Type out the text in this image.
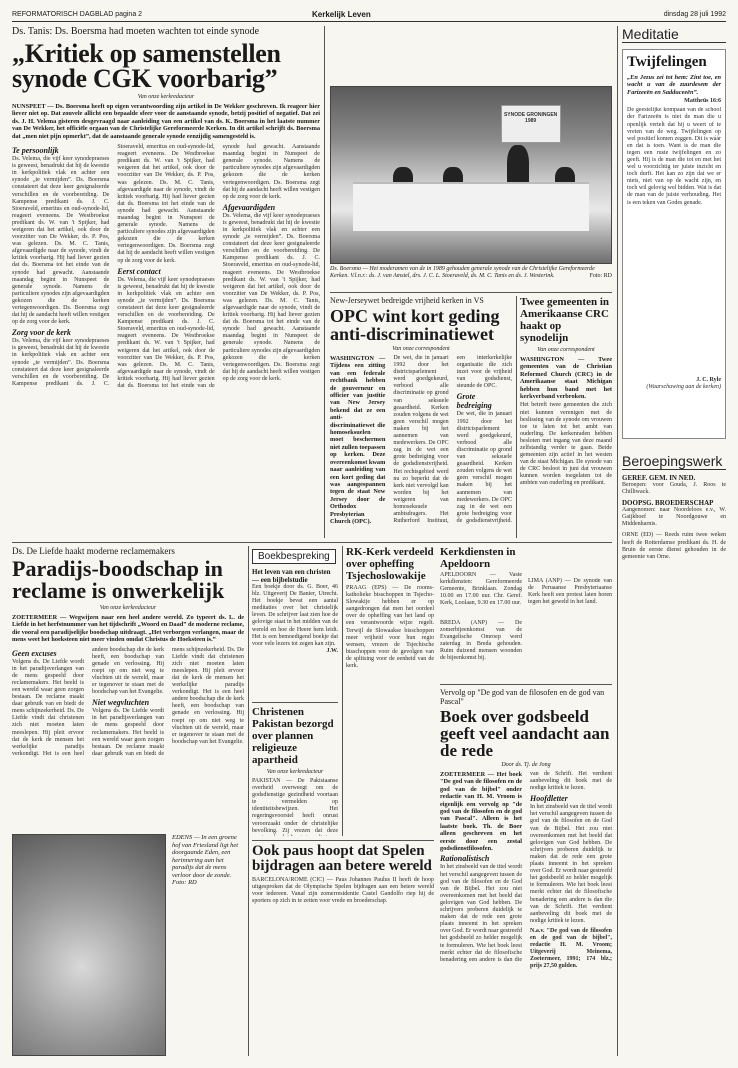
REFORMATORISCH DAGBLAD pagina 2	Kerkelijk Leven	dinsdag 28 juli 1992
Ds. Tanis: Ds. Boersma had moeten wachten tot einde synode
„Kritiek op samenstellen synode CGK voorbarig”
Van onze kerkredacteur
NUNSPEET — Ds. Boersma heeft op eigen verantwoording zijn artikel in De Wekker geschreven. Ik reageer hier liever niet op. Dat zouvele allicht een bepaalde sfeer voor de aanstaande synode, betzij positief of negatief. Dat zei ds. J. H. Velema gisteren desgevraagd naar aanleiding van een artikel van ds. K. Boersma in het laatste nummer van De Wekker, het officiële orgaan van de Christelijke Gereformeerde Kerken. In dit artikel schrijft ds. Boersma dat „men niet pijn opmerkt”, dat de aanstaande generale synode eenzijdig samengesteld is.
Te persoonlijk
Ds. Velema, die vijf keer synodepraeses is geweest, benadrukt dat hij de kwestie in kerkpolitiek vlak en achter een synode „te vermijden”. Ds. Boersma constateert dat deze keer gesignaleerde verschillen en de voorbereiding. De Kampense predikant ds. J. C. Stoeraveld, emeritus en oud-synode-lid, reageert eveneens. De Westbroekse predikant ds. W. van 't Spijker, had weigeren dat het artikel, ook door de voorzitter van De Wekker, ds. P. Pos, was gelezen. Ds. M. C. Tanis, afgevaardigde naar de synode, vindt de kritiek voorbarig. Hij had liever gezien dat ds. Boersma tot het einde van de synode had gewacht. Aanstaande maandag begint in Nunspeet de generale synode. Namens de particuliere synodes zijn afgevaardigden gekozen die de kerken vertegenwoordigen. Ds. Boersma zegt dat hij de aandacht heeft willen vestigen op de zorg voor de kerk.
Zorg voor de kerk
Ds. Velema, die vijf keer synodepraeses is geweest, benadrukt dat hij de kwestie in kerkpolitiek vlak en achter een synode „te vermijden”. Ds. Boersma constateert dat deze keer gesignaleerde verschillen en de voorbereiding. De Kampense predikant ds. J. C. Stoeraveld, emeritus en oud-synode-lid, reageert eveneens. De Westbroekse predikant ds. W. van 't Spijker, had weigeren dat het artikel, ook door de voorzitter van De Wekker, ds. P. Pos, was gelezen. Ds. M. C. Tanis, afgevaardigde naar de synode, vindt de kritiek voorbarig. Hij had liever gezien dat ds. Boersma tot het einde van de synode had gewacht. Aanstaande maandag begint in Nunspeet de generale synode. Namens de particuliere synodes zijn afgevaardigden gekozen die de kerken vertegenwoordigen. Ds. Boersma zegt dat hij de aandacht heeft willen vestigen op de zorg voor de kerk.
Eerst contact
Ds. Velema, die vijf keer synodepraeses is geweest, benadrukt dat hij de kwestie in kerkpolitiek vlak en achter een synode „te vermijden”. Ds. Boersma constateert dat deze keer gesignaleerde verschillen en de voorbereiding. De Kampense predikant ds. J. C. Stoeraveld, emeritus en oud-synode-lid, reageert eveneens. De Westbroekse predikant ds. W. van 't Spijker, had weigeren dat het artikel, ook door de voorzitter van De Wekker, ds. P. Pos, was gelezen. Ds. M. C. Tanis, afgevaardigde naar de synode, vindt de kritiek voorbarig. Hij had liever gezien dat ds. Boersma tot het einde van de synode had gewacht. Aanstaande maandag begint in Nunspeet de generale synode. Namens de particuliere synodes zijn afgevaardigden gekozen die de kerken vertegenwoordigen. Ds. Boersma zegt dat hij de aandacht heeft willen vestigen op de zorg voor de kerk.
Afgevaardigden
Ds. Velema, die vijf keer synodepraeses is geweest, benadrukt dat hij de kwestie in kerkpolitiek vlak en achter een synode „te vermijden”. Ds. Boersma constateert dat deze keer gesignaleerde verschillen en de voorbereiding. De Kampense predikant ds. J. C. Stoeraveld, emeritus en oud-synode-lid, reageert eveneens. De Westbroekse predikant ds. W. van 't Spijker, had weigeren dat het artikel, ook door de voorzitter van De Wekker, ds. P. Pos, was gelezen. Ds. M. C. Tanis, afgevaardigde naar de synode, vindt de kritiek voorbarig. Hij had liever gezien dat ds. Boersma tot het einde van de synode had gewacht. Aanstaande maandag begint in Nunspeet de generale synode. Namens de particuliere synodes zijn afgevaardigden gekozen die de kerken vertegenwoordigen. Ds. Boersma zegt dat hij de aandacht heeft willen vestigen op de zorg voor de kerk.
SYNODE GRONINGEN 1989
Ds. Boersma — Het moderamen van de in 1989 gehouden generale synode van de Christelijke Gereformeerde Kerken. V.l.n.r.: ds. J. van Amstel, drs. J. C. L. Stoeraveld, ds. M. C. Tanis en ds. J. Westerink.	Foto: RD
New-Jerseywet bedreigde vrijheid kerken in VS
OPC wint kort geding anti-discriminatiewet
Van onze correspondent
WASHINGTON — Tijdens een zitting van een federale rechtbank hebben de gouverneur en officier van justitie van New Jersey bekend dat ze een anti-discriminatiewet die homoseksuelen moet beschermen niet zullen toepassen op kerken. Deze overeenkomst kwam naar aanleiding van een kort geding dat was aangespannen tegen de staat New Jersey door de Orthodox Presbyterian Church (OPC).
De wet, die in januari 1992 door het districtsparlement werd goedgekeurd, verbood alle discriminatie op grond van seksuele geaardheid. Kerken zouden volgens de wet geen verschil mogen maken bij het aannemen van medewerkers. De OPC zag in de wet een grote bedreiging voor de godsdienstvrijheid. Het rechtsgebied werd nu zo beperkt dat de kerk niet vervolgd kan worden bij het weigeren van homoseksuele ambtsdragers. Het Rutherford Instituut, een interkerkelijke organisatie die zich inzet voor de vrijheid van godsdienst, steunde de OPC.
Grote bedreiging
De wet, die in januari 1992 door het districtsparlement werd goedgekeurd, verbood alle discriminatie op grond van seksuele geaardheid. Kerken zouden volgens de wet geen verschil mogen maken bij het aannemen van medewerkers. De OPC zag in de wet een grote bedreiging voor de godsdienstvrijheid.
Twee gemeenten in Amerikaanse CRC haakt op synodelijn
Van onze correspondent
WASHINGTON — Twee gemeenten van de Christian Reformed Church (CRC) in de Amerikaanse staat Michigan hebben hun band met het kerkverband verbroken.
Het betreft twee gemeenten die zich niet kunnen verenigen met de beslissing van de synode om vrouwen toe te laten tot het ambt van ouderling. De kerkenraden hebben besloten met ingang van deze maand zelfstandig verder te gaan. Beide gemeenten zijn actief in het westen van de staat Michigan. De synode van de CRC besloot in juni dat vrouwen kunnen worden toegelaten tot de ambten van ouderling en predikant.
Meditatie
Twijfelingen
„En Jezus zei tot hem: Zint toe, en wacht u van de zuurdesem der Farizeeën en Sadduceeën”.
Mattheüs 16:6
De geestelijke kompaan van de school der Farizeeën is niet de man die u openlijk vertelt dat hij u weert of te vreten van de weg. Twijfelingen op wel positief komen zeggen. Dit is wáár en dat is toen. Want is de man die tegen een ruste twijfelingen en zo geeft. Hij is de man die tot en met het wel u voorzichtig ter juiste inzicht en toch durft. Het kan zo zijn dat we er niets, niet van op de wacht zijn, en toch wil gelovig wel bidden. Wat is dat de man van de juiste verhouding. Het is een teken van Godes genade.
J. C. Ryle
(Waarschuwing aan de kerken)
Beroepingswerk
GEREF. GEM. IN NED.
Beroepen: voor Gouda, J. Roos te Chilliwack.
DOOPSG. BROEDERSCHAP
Aangenomen: naar Noordeloos e.v., W. Gaijkboef te Noordgouwe en Middenharnis.
ORNE (ED) — Reeds ruim twee weken heeft de Rotterdamse predikant ds. H. de Bruin de eerste dienst gehouden in de gemeente van Orne.
Ds. De Liefde haakt moderne reclamemakers
Paradijs-boodschap in reclame is onwerkelijk
Van onze kerkredacteur
ZOETERMEER — Wegwijzen naar een heel andere wereld. Zo typeert ds. L. de Liefde in het herfstnummer van het tijdschrift „Woord en Daad” de moderne reclame, die vooral een paradijselijke boodschap uitdraagt. „Het verborgen verlangen, maar de mens weet het hoeksteen niet meer vinden omdat Christus de Hoeksteen is.”
Geen excuses
Volgens ds. De Liefde wordt in het paradijsverlangen van de mens gespeeld door reclamemakers. Het beeld is een wereld waar geen zorgen bestaan. De reclame maakt daar gebruik van en biedt de mens schijnzekerheid. Ds. De Liefde vindt dat christenen zich niet moeten laten meeslepen. Hij pleit ervoor dat de kerk de mensen het werkelijke paradijs verkondigt. Het is een heel andere boodschap die de kerk heeft, een boodschap van genade en verlossing. Hij roept op om niet weg te vluchten uit de wereld, maar er tegenover te staan met de boodschap van het Evangelie.
Niet wegvluchten
Volgens ds. De Liefde wordt in het paradijsverlangen van de mens gespeeld door reclamemakers. Het beeld is een wereld waar geen zorgen bestaan. De reclame maakt daar gebruik van en biedt de mens schijnzekerheid. Ds. De Liefde vindt dat christenen zich niet moeten laten meeslepen. Hij pleit ervoor dat de kerk de mensen het werkelijke paradijs verkondigt. Het is een heel andere boodschap die de kerk heeft, een boodschap van genade en verlossing. Hij roept op om niet weg te vluchten uit de wereld, maar er tegenover te staan met de boodschap van het Evangelie.
EDENS — In een groene hof van Friesland ligt het doorgaande Eden, een herinnering aan het paradijs dat de mens verloor door de zonde. Foto: RD
Boekbespreking
Het leven van een christen — een bijbelstudie
Een boekje door ds. G. Boer, 46 blz. Uitgeverij De Banier, Utrecht. Het boekje bevat een aantal meditaties over het christelijk leven. De schrijver laat zien hoe de gelovige staat in het midden van de wereld en hoe de Heere hem leidt. Het is een bemoedigend boekje dat voor vele lezers tot zegen kan zijn.
J.W.
Christenen Pakistan bezorgd over plannen religieuze apartheid
Van onze kerkredacteur
PAKISTAN — De Pakistaanse overheid overweegt om de godsdienstige gezindheid voortaan te vermelden op identiteitsbewijzen. Het regeringsvoorstel heeft onrust veroorzaakt onder de christelijke bevolking. Zij vrezen dat deze
RK-Kerk verdeeld over opheffing Tsjechoslowakije
PRAAG (EPS) — De rooms-katholieke bisschoppen in Tsjecho-Slowakije hebben er op aangedrongen dat men het oordeel over de opheffing van het land op een verantwoorde wijze regelt. Terwijl de Slowaakse bisschoppen meer vrijheid voor hun regio wensen, vrezen de Tsjechische bisschoppen voor de gevolgen van de splitsing voor de eenheid van de kerk.
Kerkdiensten in Apeldoorn
APELDOORN — Vaste kerkdiensten: Gereformeerde Gemeente, Brinklaan. Zondag 10.00 en 17.00 uur. Chr. Geref. Kerk, Loolaan, 9.30 en 17.00 uur.
BREDA (ANP) — De zomerbijeenkomst van de Evangelische Omroep werd zaterdag in Breda gehouden. Ruim duizend mensen woonden de bijeenkomst bij.
LIMA (ANP) — De synode van de Peruaanse Presbyteriaanse Kerk heeft een protest laten horen tegen het geweld in het land.
Vervolg op "De god van de filosofen en de god van Pascal"
Boek over godsbeeld geeft veel aandacht aan de rede
Door ds. Tj. de Jong
ZOETERMEER — Het boek "De god van de filosofen en de god van de bijbel" onder redactie van H. M. Vroom is eigenlijk een vervolg op "de god van de filosofen en de god van Pascal". Alleen is het laatste boek. Th. de Boer alleen geschreven en het eerste door een zestal godsdienstfilosofen.
Rationalistisch
In het zinsbeeld van de titel wordt het verschil aangegeven tussen de god van de filosofen en de God van de Bijbel. Het zou niet overeenkomen met het beeld dat gelovigen van God hebben. De schrijvers proberen duidelijk te maken dat de rede een grote plaats inneemt in het spreken over God. Er wordt naar gestreefd het godsbeeld zo helder mogelijk te formuleren. Wie het boek leest merkt echter dat de filosofische benadering een andere is dan die van de Schrift. Het verdient aanbeveling dit boek met de nodige kritiek te lezen.
Hoofdletter
In het zinsbeeld van de titel wordt het verschil aangegeven tussen de god van de filosofen en de God van de Bijbel. Het zou niet overeenkomen met het beeld dat gelovigen van God hebben. De schrijvers proberen duidelijk te maken dat de rede een grote plaats inneemt in het spreken over God. Er wordt naar gestreefd het godsbeeld zo helder mogelijk te formuleren. Wie het boek leest merkt echter dat de filosofische benadering een andere is dan die van de Schrift. Het verdient aanbeveling dit boek met de nodige kritiek te lezen.
N.a.v. "De god van de filosofen en de god van de bijbel", redactie H. M. Vroom; Uitgeverij Meinema, Zoetermeer, 1991; 174 blz.; prijs 27,50 gulden.
Ook paus hoopt dat Spelen bijdragen aan betere wereld
BARCELONA/ROME (CIC) — Paus Johannes Paulus II heeft de hoop uitgesproken dat de Olympische Spelen bijdragen aan een betere wereld voor iedereen. Vanaf zijn zomerresidentie Castel Gandolfo riep hij de sporters op zich in te zetten voor vrede en broederschap.
